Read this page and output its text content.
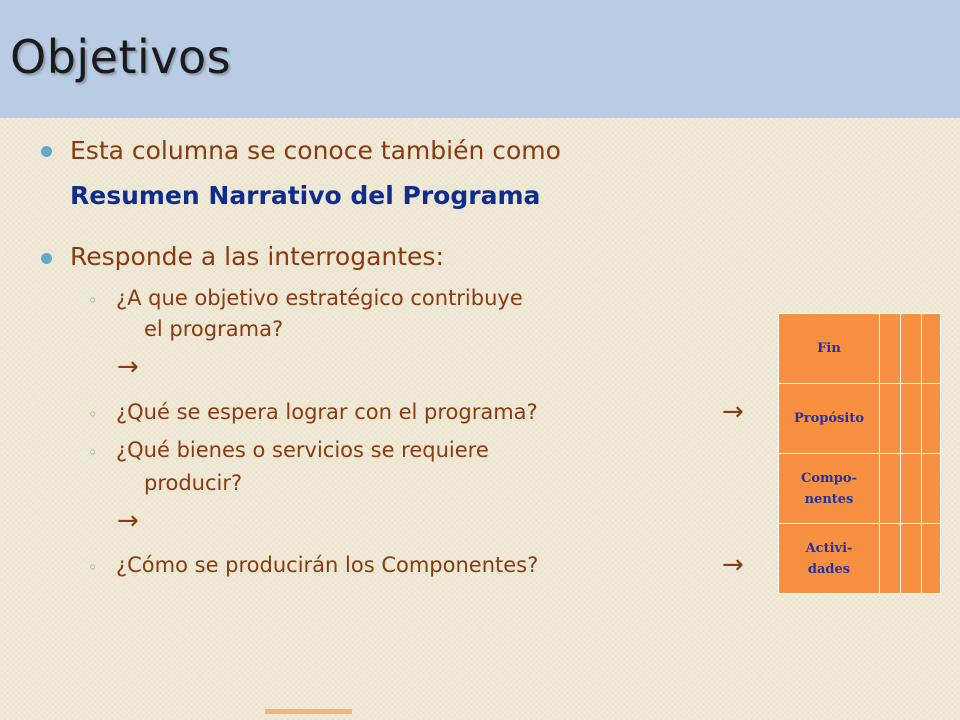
Objetivos
Esta columna se conoce también como
Resumen Narrativo del Programa
Responde a las interrogantes:
◦ ¿A que objetivo estratégico contribuye
el programa?
→
◦ ¿Qué se espera lograr con el programa?	→
◦ ¿Qué bienes o servicios se requiere
producir?
→
◦ ¿Cómo se producirán los Componentes?	→
Fin			
Propósito			
Compo-
nentes			
Activi-
dades			
